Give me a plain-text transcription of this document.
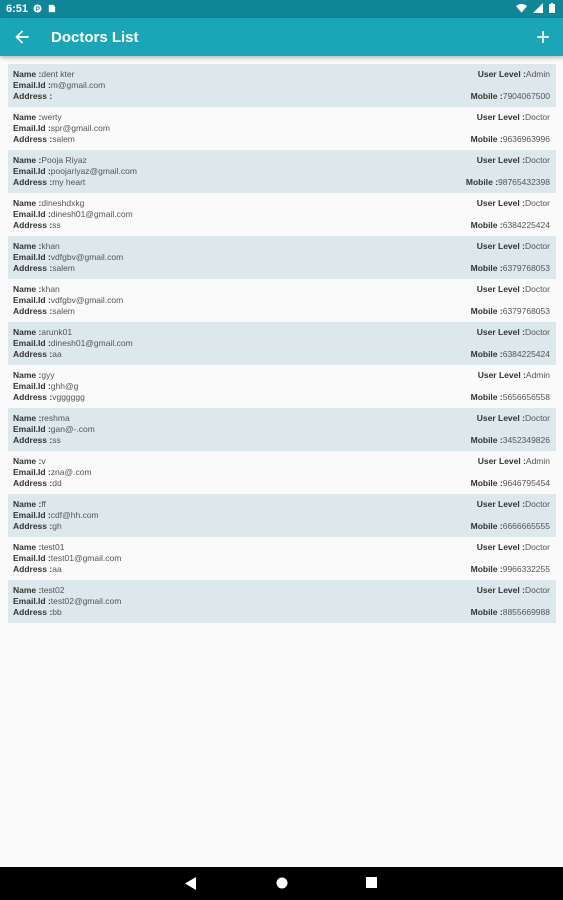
6:51 P
Doctors List
Name :dent kter
Email.Id :m@gmail.com
Address :
User Level :Admin
Mobile :7904067500
Name :werty
Email.Id :spr@gmail.com
Address :salem
User Level :Doctor
Mobile :9636963996
Name :Pooja Riyaz
Email.Id :poojariyaz@gmail.com
Address :my heart
User Level :Doctor
Mobile :98765432398
Name :dineshdxkg
Email.Id :dinesh01@gmail.com
Address :ss
User Level :Doctor
Mobile :6384225424
Name :khan
Email.Id :vdfgbv@gmail.com
Address :salem
User Level :Doctor
Mobile :6379768053
Name :khan
Email.Id :vdfgbv@gmail.com
Address :salem
User Level :Doctor
Mobile :6379768053
Name :arunk01
Email.Id :dinesh01@gmail.com
Address :aa
User Level :Doctor
Mobile :6384225424
Name :gyy
Email.Id :ghh@g
Address :vgggggg
User Level :Admin
Mobile :5656656558
Name :reshma
Email.Id :gan@-.com
Address :ss
User Level :Doctor
Mobile :3452349826
Name :v
Email.Id :zna@.com
Address :dd
User Level :Admin
Mobile :9646795454
Name :ff
Email.Id :cdf@hh.com
Address :gh
User Level :Doctor
Mobile :6666665555
Name :test01
Email.Id :test01@gmail.com
Address :aa
User Level :Doctor
Mobile :9966332255
Name :test02
Email.Id :test02@gmail.com
Address :bb
User Level :Doctor
Mobile :8855669988
